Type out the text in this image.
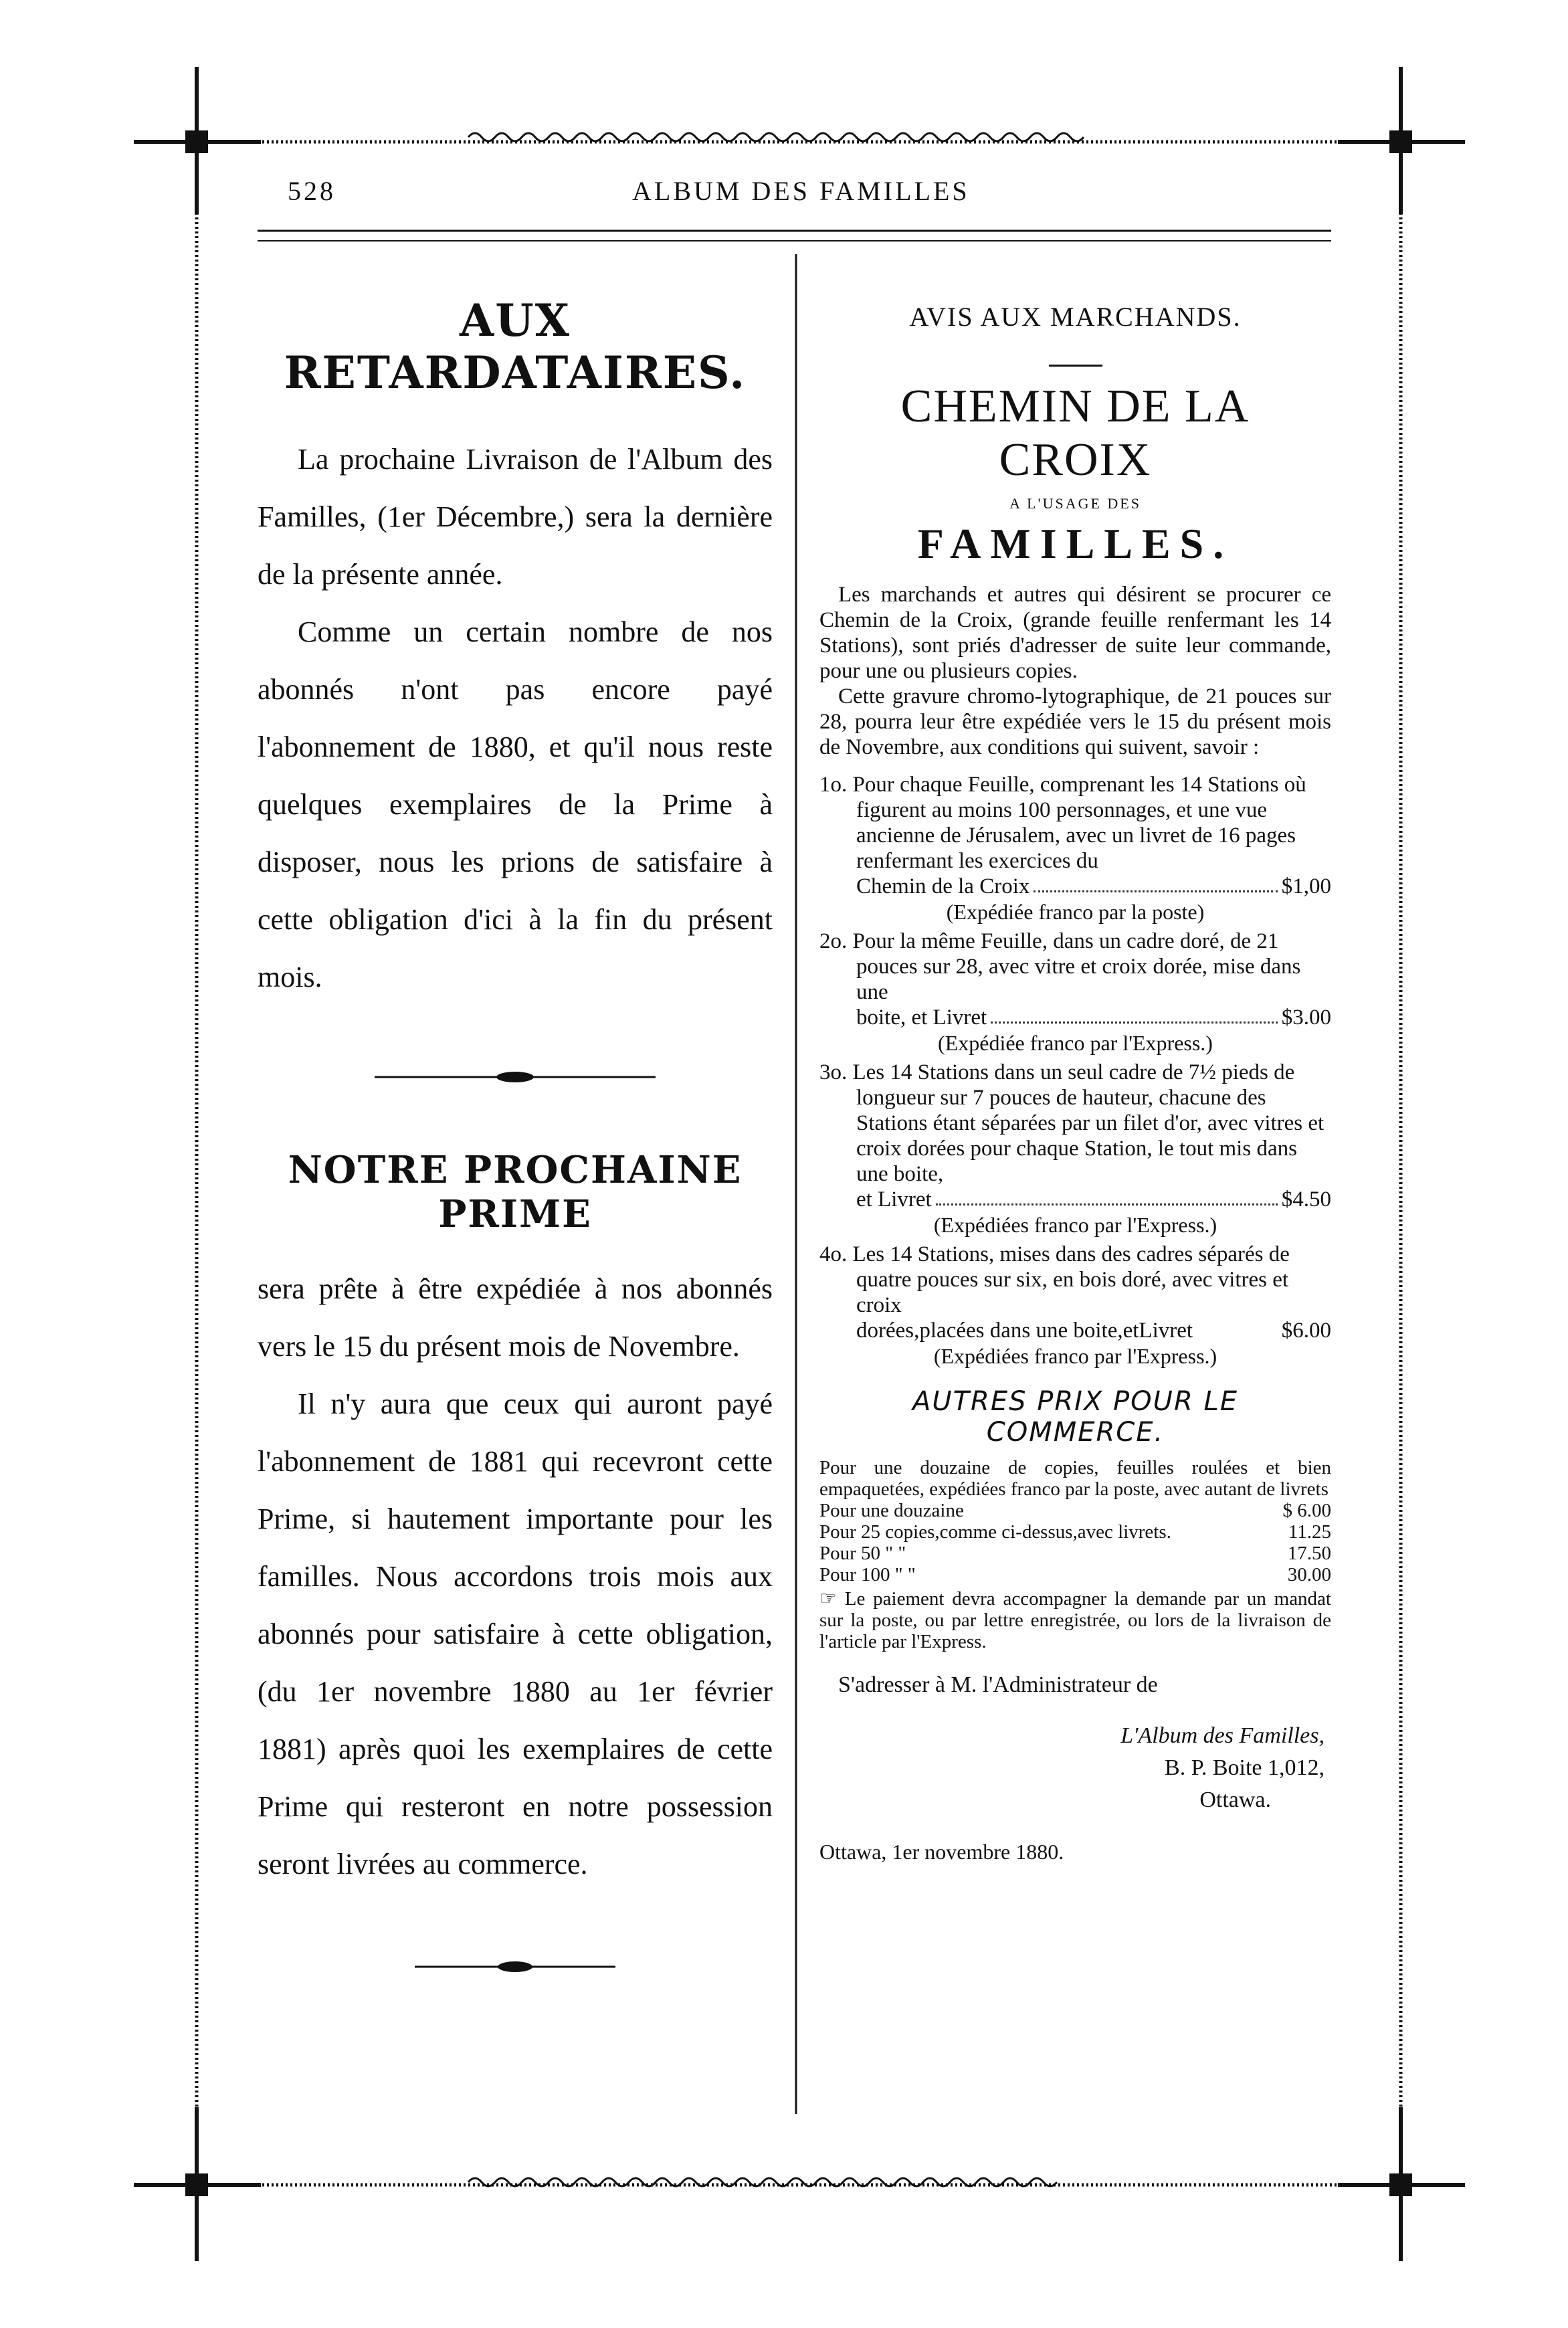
528	ALBUM DES FAMILLES
AUX RETARDATAIRES.

La prochaine Livraison de l'Album des Familles, (1er Décembre,) sera la dernière de la présente année.

Comme un certain nombre de nos abonnés n'ont pas encore payé l'abonnement de 1880, et qu'il nous reste quelques exemplaires de la Prime à disposer, nous les prions de satisfaire à cette obligation d'ici à la fin du présent mois.

NOTRE PROCHAINE PRIME

sera prête à être expédiée à nos abonnés vers le 15 du présent mois de Novembre.

Il n'y aura que ceux qui auront payé l'abonnement de 1881 qui recevront cette Prime, si hautement importante pour les familles. Nous accordons trois mois aux abonnés pour satisfaire à cette obligation, (du 1er novembre 1880 au 1er février 1881) après quoi les exemplaires de cette Prime qui resteront en notre possession seront livrées au commerce.

AVIS AUX MARCHANDS.
CHEMIN DE LA CROIX
A L'USAGE DES
FAMILLES.

Les marchands et autres qui désirent se procurer ce Chemin de la Croix, (grande feuille renfermant les 14 Stations), sont priés d'adresser de suite leur commande, pour une ou plusieurs copies.

Cette gravure chromo-lytographique, de 21 pouces sur 28, pourra leur être expédiée vers le 15 du présent mois de Novembre, aux conditions qui suivent, savoir :

1o. Pour chaque Feuille, comprenant les 14 Stations où figurent au moins 100 personnages, et une vue ancienne de Jérusalem, avec un livret de 16 pages renfermant les exercices du

Chemin de la Croix	$1,00

(Expédiée franco par la poste)

2o. Pour la même Feuille, dans un cadre doré, de 21 pouces sur 28, avec vitre et croix dorée, mise dans une

boite, et Livret	$3.00

(Expédiée franco par l'Express.)

3o. Les 14 Stations dans un seul cadre de 7½ pieds de longueur sur 7 pouces de hauteur, chacune des Stations étant séparées par un filet d'or, avec vitres et croix dorées pour chaque Station, le tout mis dans une boite,

et Livret	$4.50

(Expédiées franco par l'Express.)

4o. Les 14 Stations, mises dans des cadres séparés de quatre pouces sur six, en bois doré, avec vitres et croix

dorées,placées dans une boite,etLivret	$6.00

(Expédiées franco par l'Express.)

AUTRES PRIX POUR LE COMMERCE.

Pour une douzaine de copies, feuilles roulées et bien empaquetées, expédiées franco par la poste, avec autant de livrets

Pour une douzaine	$ 6.00
Pour 25 copies,comme ci-dessus,avec livrets.	11.25
Pour 50 " "	17.50
Pour 100 " "	30.00

☞ Le paiement devra accompagner la demande par un mandat sur la poste, ou par lettre enregistrée, ou lors de la livraison de l'article par l'Express.

S'adresser à M. l'Administrateur de

L'Album des Familles,

B. P. Boite 1,012,

Ottawa.

Ottawa, 1er novembre 1880.
